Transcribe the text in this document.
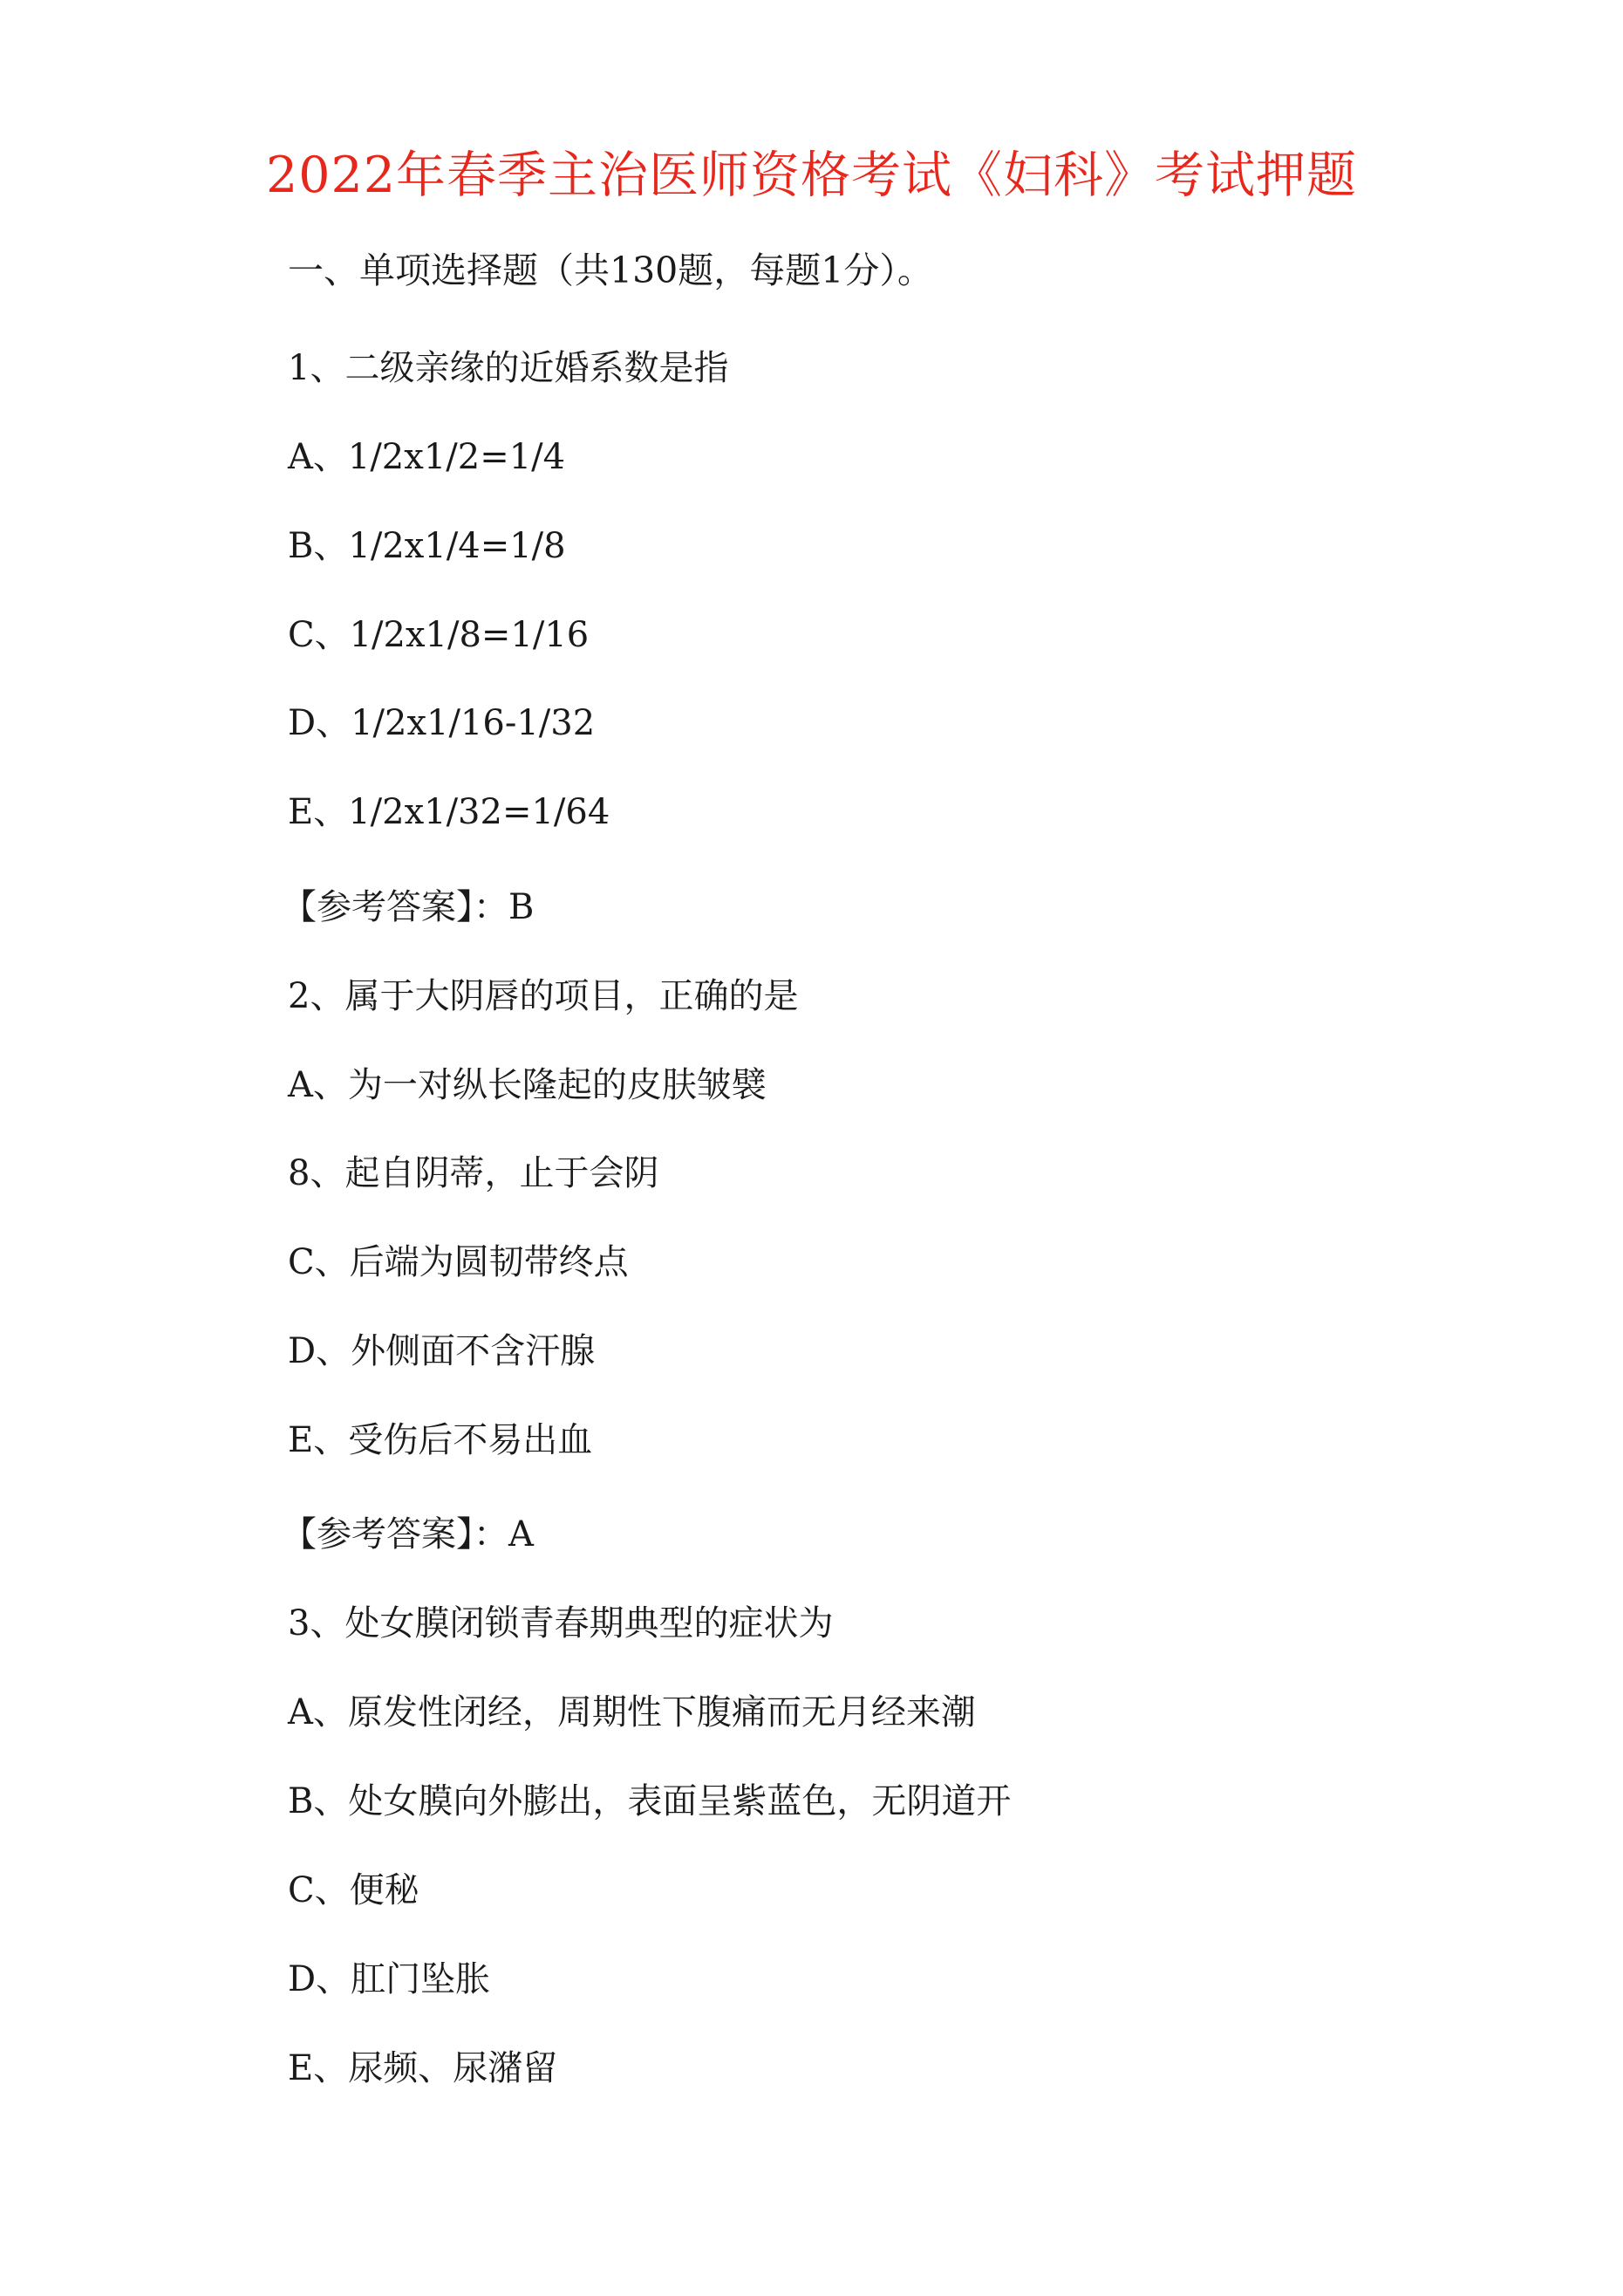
2022年春季主治医师资格考试《妇科》考试押题
一、单项选择题（共130题，每题1分）。
1、二级亲缘的近婚系数是指
A、1/2x1/2=1/4
B、1/2x1/4=1/8
C、1/2x1/8=1/16
D、1/2x1/16-1/32
E、1/2x1/32=1/64
【参考答案】：B
2、属于大阴唇的项目，正确的是
A、为一对纵长隆起的皮肤皱襞
8、起自阴蒂，止于会阴
C、后端为圆韧带终点
D、外侧面不含汗腺
E、受伤后不易出血
【参考答案】：A
3、处女膜闭锁青春期典型的症状为
A、原发性闭经，周期性下腹痛而无月经来潮
B、处女膜向外膨出，表面呈紫蓝色，无阴道开
C、便秘
D、肛门坠胀
E、尿频、尿潴留
